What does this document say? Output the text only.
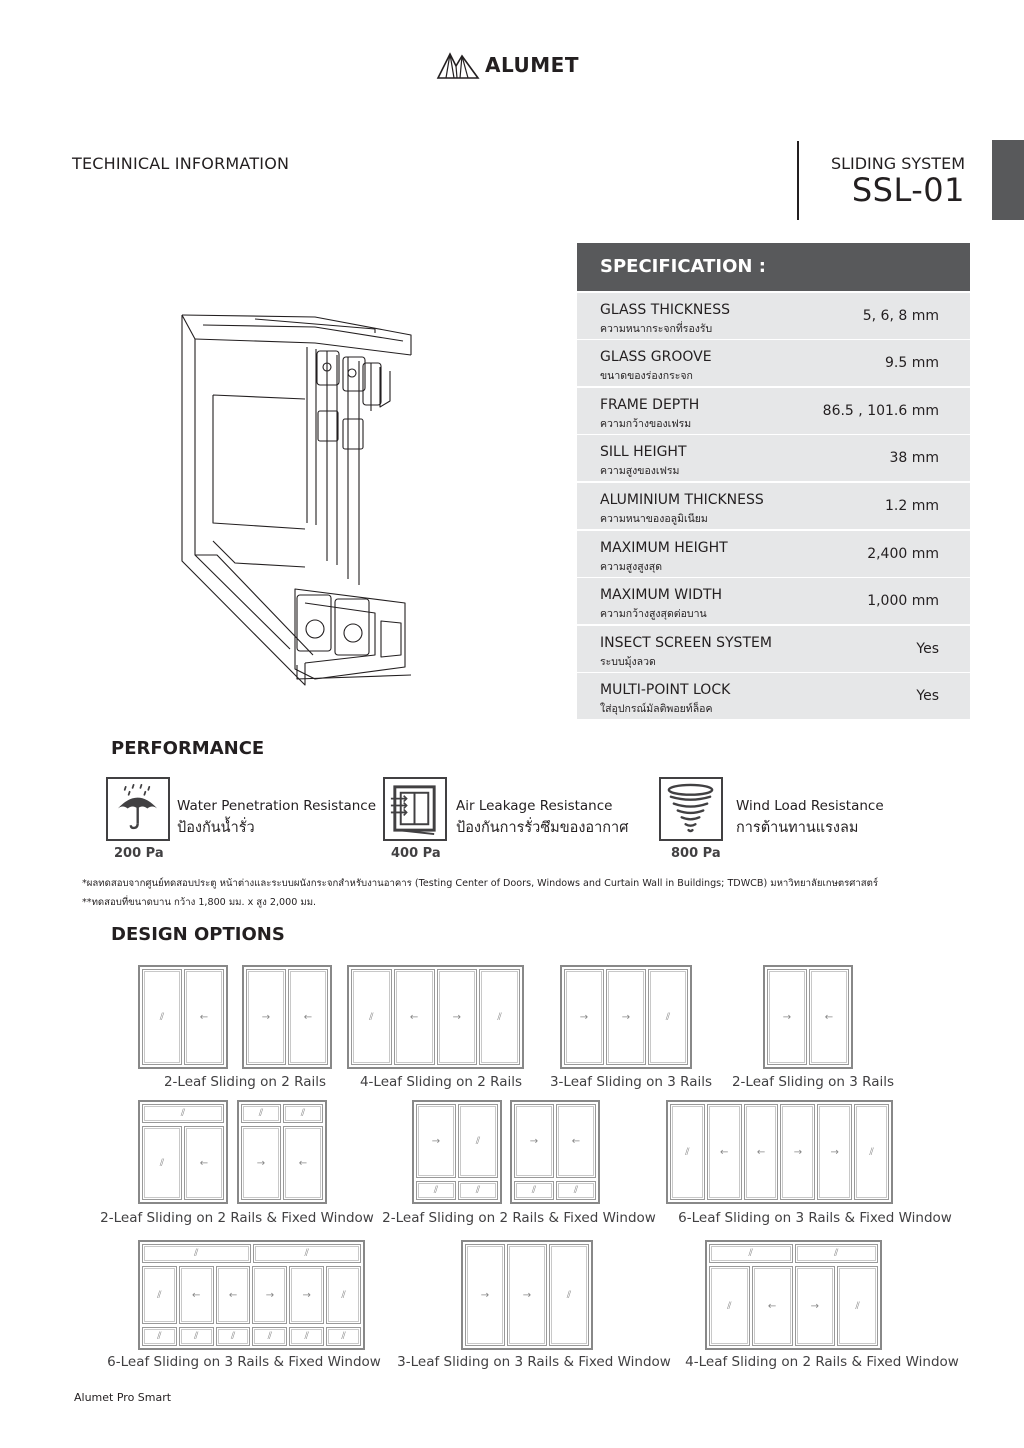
ALUMET
TECHINICAL INFORMATION	SLIDING SYSTEM
SSL-01
SPECIFICATION :
GLASS THICKNESS
ความหนากระจกที่รองรับ
5, 6, 8 mm
GLASS GROOVE
ขนาดของร่องกระจก
9.5 mm
FRAME DEPTH
ความกว้างของเฟรม
86.5 , 101.6 mm
SILL HEIGHT
ความสูงของเฟรม
38 mm
ALUMINIUM THICKNESS
ความหนาของอลูมิเนียม
1.2 mm
MAXIMUM HEIGHT
ความสูงสูงสุด
2,400 mm
MAXIMUM WIDTH
ความกว้างสูงสุดต่อบาน
1,000 mm
INSECT SCREEN SYSTEM
ระบบมุ้งลวด
Yes
MULTI-POINT LOCK
ใส่อุปกรณ์มัลติพอยท์ล็อค
Yes
PERFORMANCE
Water Penetration Resistance
ป้องกันน้ำรั่ว
200 Pa
Air Leakage Resistance
ป้องกันการรั่วซึมของอากาศ
400 Pa
Wind Load Resistance
การต้านทานแรงลม
800 Pa
*ผลทดสอบจากศูนย์ทดสอบประตู หน้าต่างและระบบผนังกระจกสำหรับงานอาคาร (Testing Center of Doors, Windows and Curtain Wall in Buildings; TDWCB) มหาวิทยาลัยเกษตรศาสตร์
**ทดสอบที่ขนาดบาน กว้าง 1,800 มม. x สูง 2,000 มม.
DESIGN OPTIONS
⫽	←	→	←	⫽	←	→	⫽	→	→	⫽	→	←
2-Leaf Sliding on 2 Rails	4-Leaf Sliding on 2 Rails 3-Leaf Sliding on 3 Rails 2-Leaf Sliding on 3 Rails
⫽
⫽	←
⫽	⫽
→	←
→	⫽
⫽	⫽
→	←
⫽	⫽
⫽	←	←	→	→	⫽
2-Leaf Sliding on 2 Rails & Fixed Window 2-Leaf Sliding on 2 Rails & Fixed Window 6-Leaf Sliding on 3 Rails & Fixed Window
⫽	⫽
⫽	←	←	→	→	⫽
⫽	⫽	⫽	⫽	⫽	⫽
→	→	⫽
⫽	⫽
⫽	←	→	⫽
6-Leaf Sliding on 3 Rails & Fixed Window 3-Leaf Sliding on 3 Rails & Fixed Window 4-Leaf Sliding on 2 Rails & Fixed Window
Alumet Pro Smart
